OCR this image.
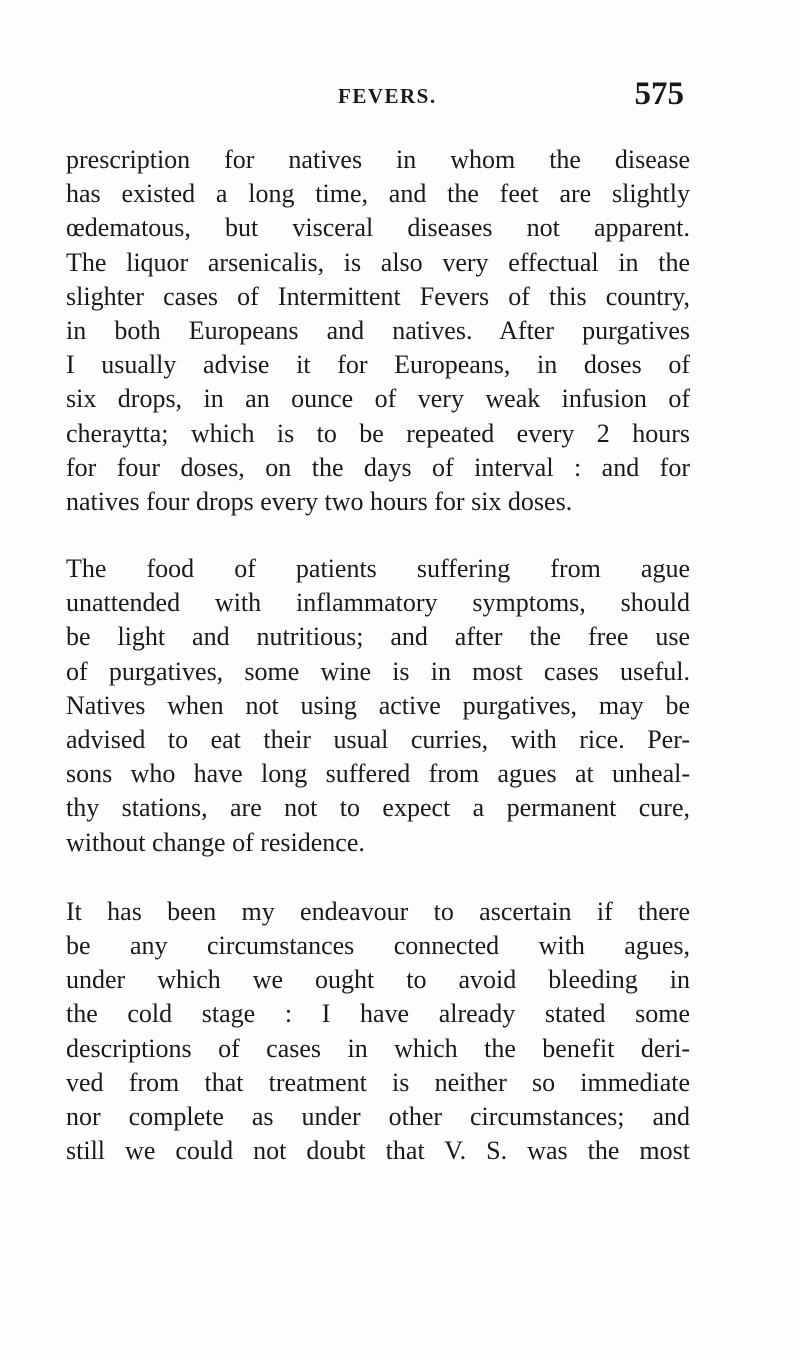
FEVERS.	575
prescription for natives in whom the disease
has existed a long time, and the feet are slightly
œdematous, but visceral diseases not apparent.
The liquor arsenicalis, is also very effectual in the
slighter cases of Intermittent Fevers of this country,
in both Europeans and natives. After purgatives
I usually advise it for Europeans, in doses of
six drops, in an ounce of very weak infusion of
cheraytta; which is to be repeated every 2 hours
for four doses, on the days of interval : and for
natives four drops every two hours for six doses.
The food of patients suffering from ague
unattended with inflammatory symptoms, should
be light and nutritious; and after the free use
of purgatives, some wine is in most cases useful.
Natives when not using active purgatives, may be
advised to eat their usual curries, with rice. Per-
sons who have long suffered from agues at unheal-
thy stations, are not to expect a permanent cure,
without change of residence.
It has been my endeavour to ascertain if there
be any circumstances connected with agues,
under which we ought to avoid bleeding in
the cold stage : I have already stated some
descriptions of cases in which the benefit deri-
ved from that treatment is neither so immediate
nor complete as under other circumstances; and
still we could not doubt that V. S. was the most
